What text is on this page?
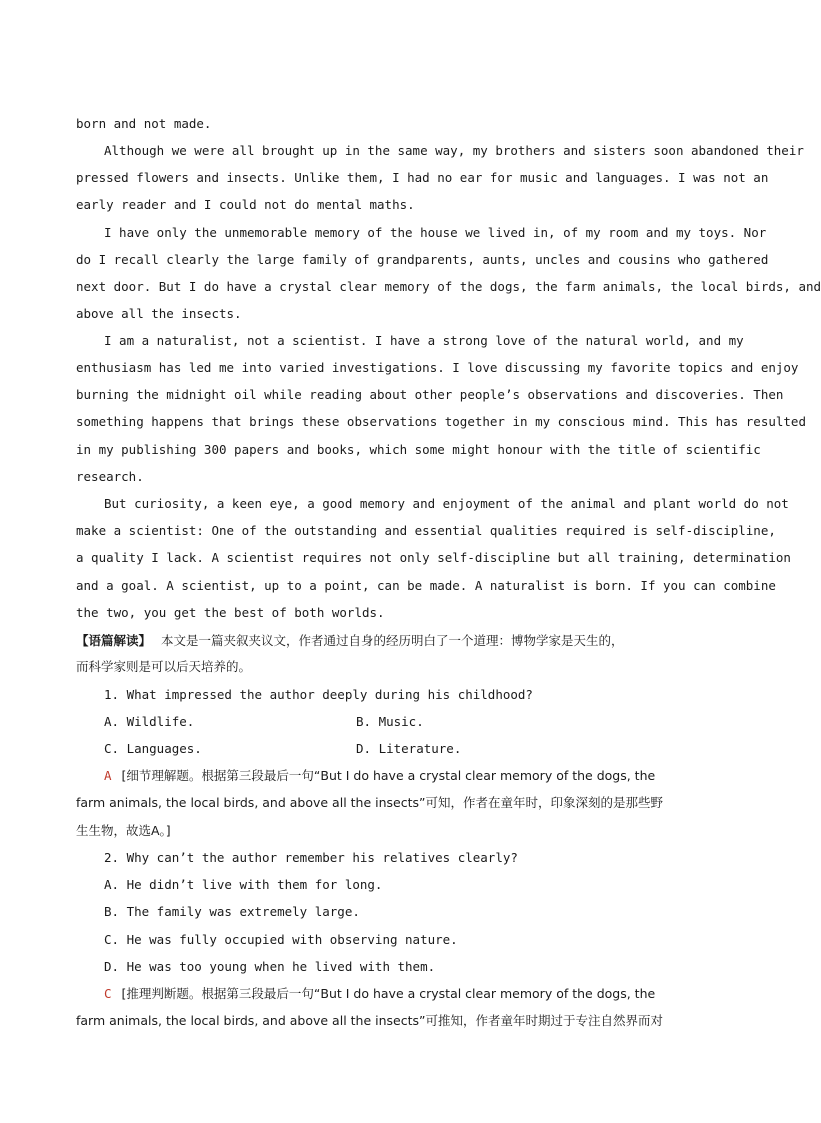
born and not made.
Although we were all brought up in the same way, my brothers and sisters soon abandoned their
pressed flowers and insects. Unlike them, I had no ear for music and languages. I was not an
early reader and I could not do mental maths.
I have only the unmemorable memory of the house we lived in, of my room and my toys. Nor
do I recall clearly the large family of grandparents, aunts, uncles and cousins who gathered
next door. But I do have a crystal clear memory of the dogs, the farm animals, the local birds, and
above all the insects.
I am a naturalist, not a scientist. I have a strong love of the natural world, and my
enthusiasm has led me into varied investigations. I love discussing my favorite topics and enjoy
burning the midnight oil while reading about other people’s observations and discoveries. Then
something happens that brings these observations together in my conscious mind. This has resulted
in my publishing 300 papers and books, which some might honour with the title of scientific
research.
But curiosity, a keen eye, a good memory and enjoyment of the animal and plant world do not
make a scientist: One of the outstanding and essential qualities required is self-discipline,
a quality I lack. A scientist requires not only self-discipline but all training, determination
and a goal. A scientist, up to a point, can be made. A naturalist is born. If you can combine
the two, you get the best of both worlds.
【语篇解读】 本文是一篇夹叙夹议文，作者通过自身的经历明白了一个道理：博物学家是天生的，
而科学家则是可以后天培养的。
1. What impressed the author deeply during his childhood?
A. Wildlife.	B. Music.
C. Languages.	D. Literature.
A [细节理解题。根据第三段最后一句“But I do have a crystal clear memory of the dogs, the
farm animals, the local birds, and above all the insects”可知，作者在童年时，印象深刻的是那些野
生生物，故选A。]
2. Why can’t the author remember his relatives clearly?
A. He didn’t live with them for long.
B. The family was extremely large.
C. He was fully occupied with observing nature.
D. He was too young when he lived with them.
C [推理判断题。根据第三段最后一句“But I do have a crystal clear memory of the dogs, the
farm animals, the local birds, and above all the insects”可推知，作者童年时期过于专注自然界而对
